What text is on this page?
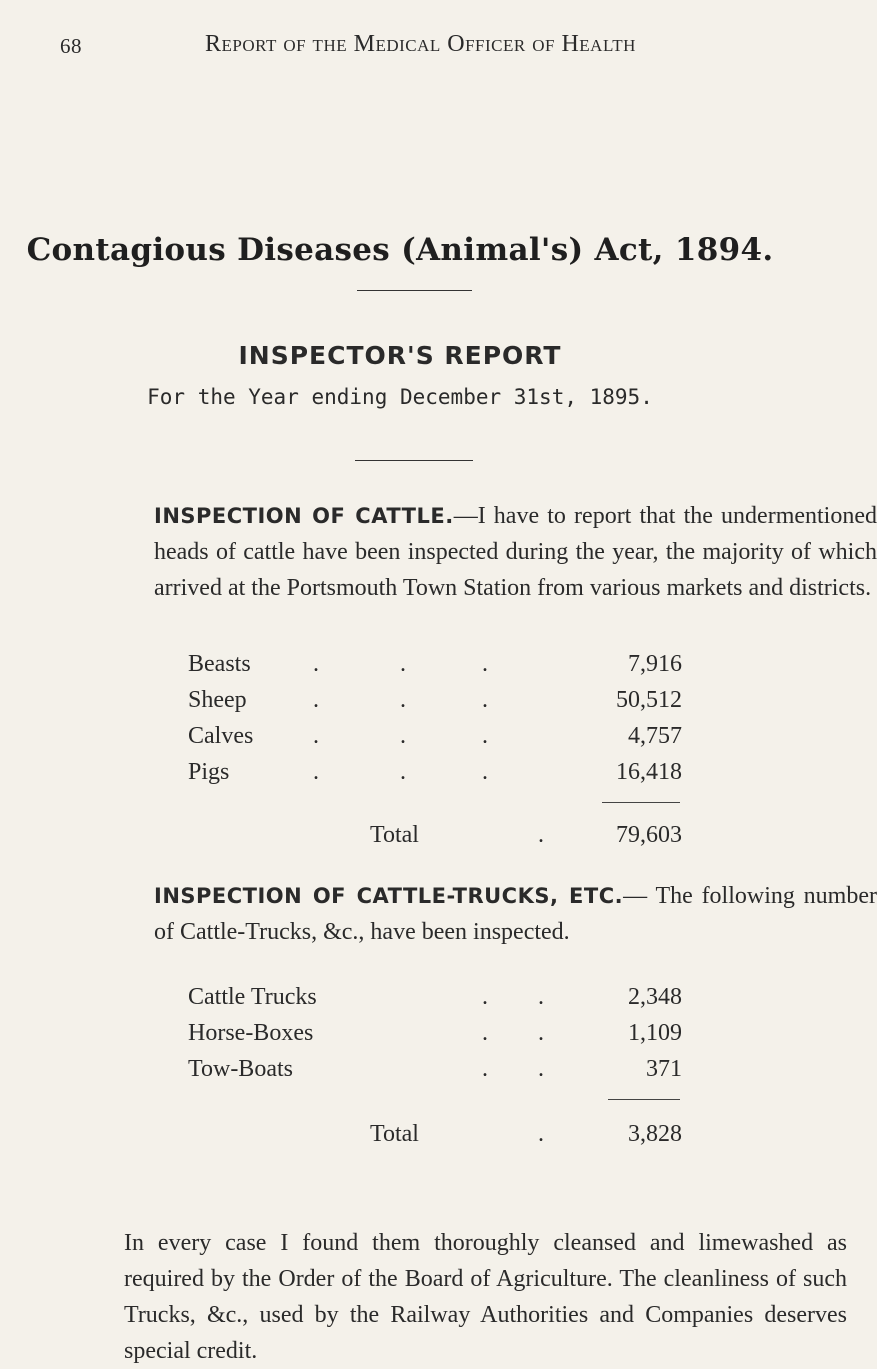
68	Report of the Medical Officer of Health
Contagious Diseases (Animal's) Act, 1894.
INSPECTOR'S REPORT
For the Year ending December 31st, 1895.
INSPECTION OF CATTLE.—I have to report that the undermentioned heads of cattle have been inspected during the year, the majority of which arrived at the Portsmouth Town Station from various markets and districts.
Beasts	.	.	.	7,916
Sheep	.	.	.	50,512
Calves .	.	.	4,757
Pigs	.	.	.	16,418
Total	.	79,603
INSPECTION OF CATTLE-TRUCKS, ETC.— The following number of Cattle-Trucks, &c., have been inspected.
Cattle Trucks	. .	2,348
Horse-Boxes	. .	1,109
Tow-Boats	. .	371
Total	.	3,828
In every case I found them thoroughly cleansed and limewashed as required by the Order of the Board of Agriculture. The cleanliness of such Trucks, &c., used by the Railway Authorities and Companies deserves special credit.
